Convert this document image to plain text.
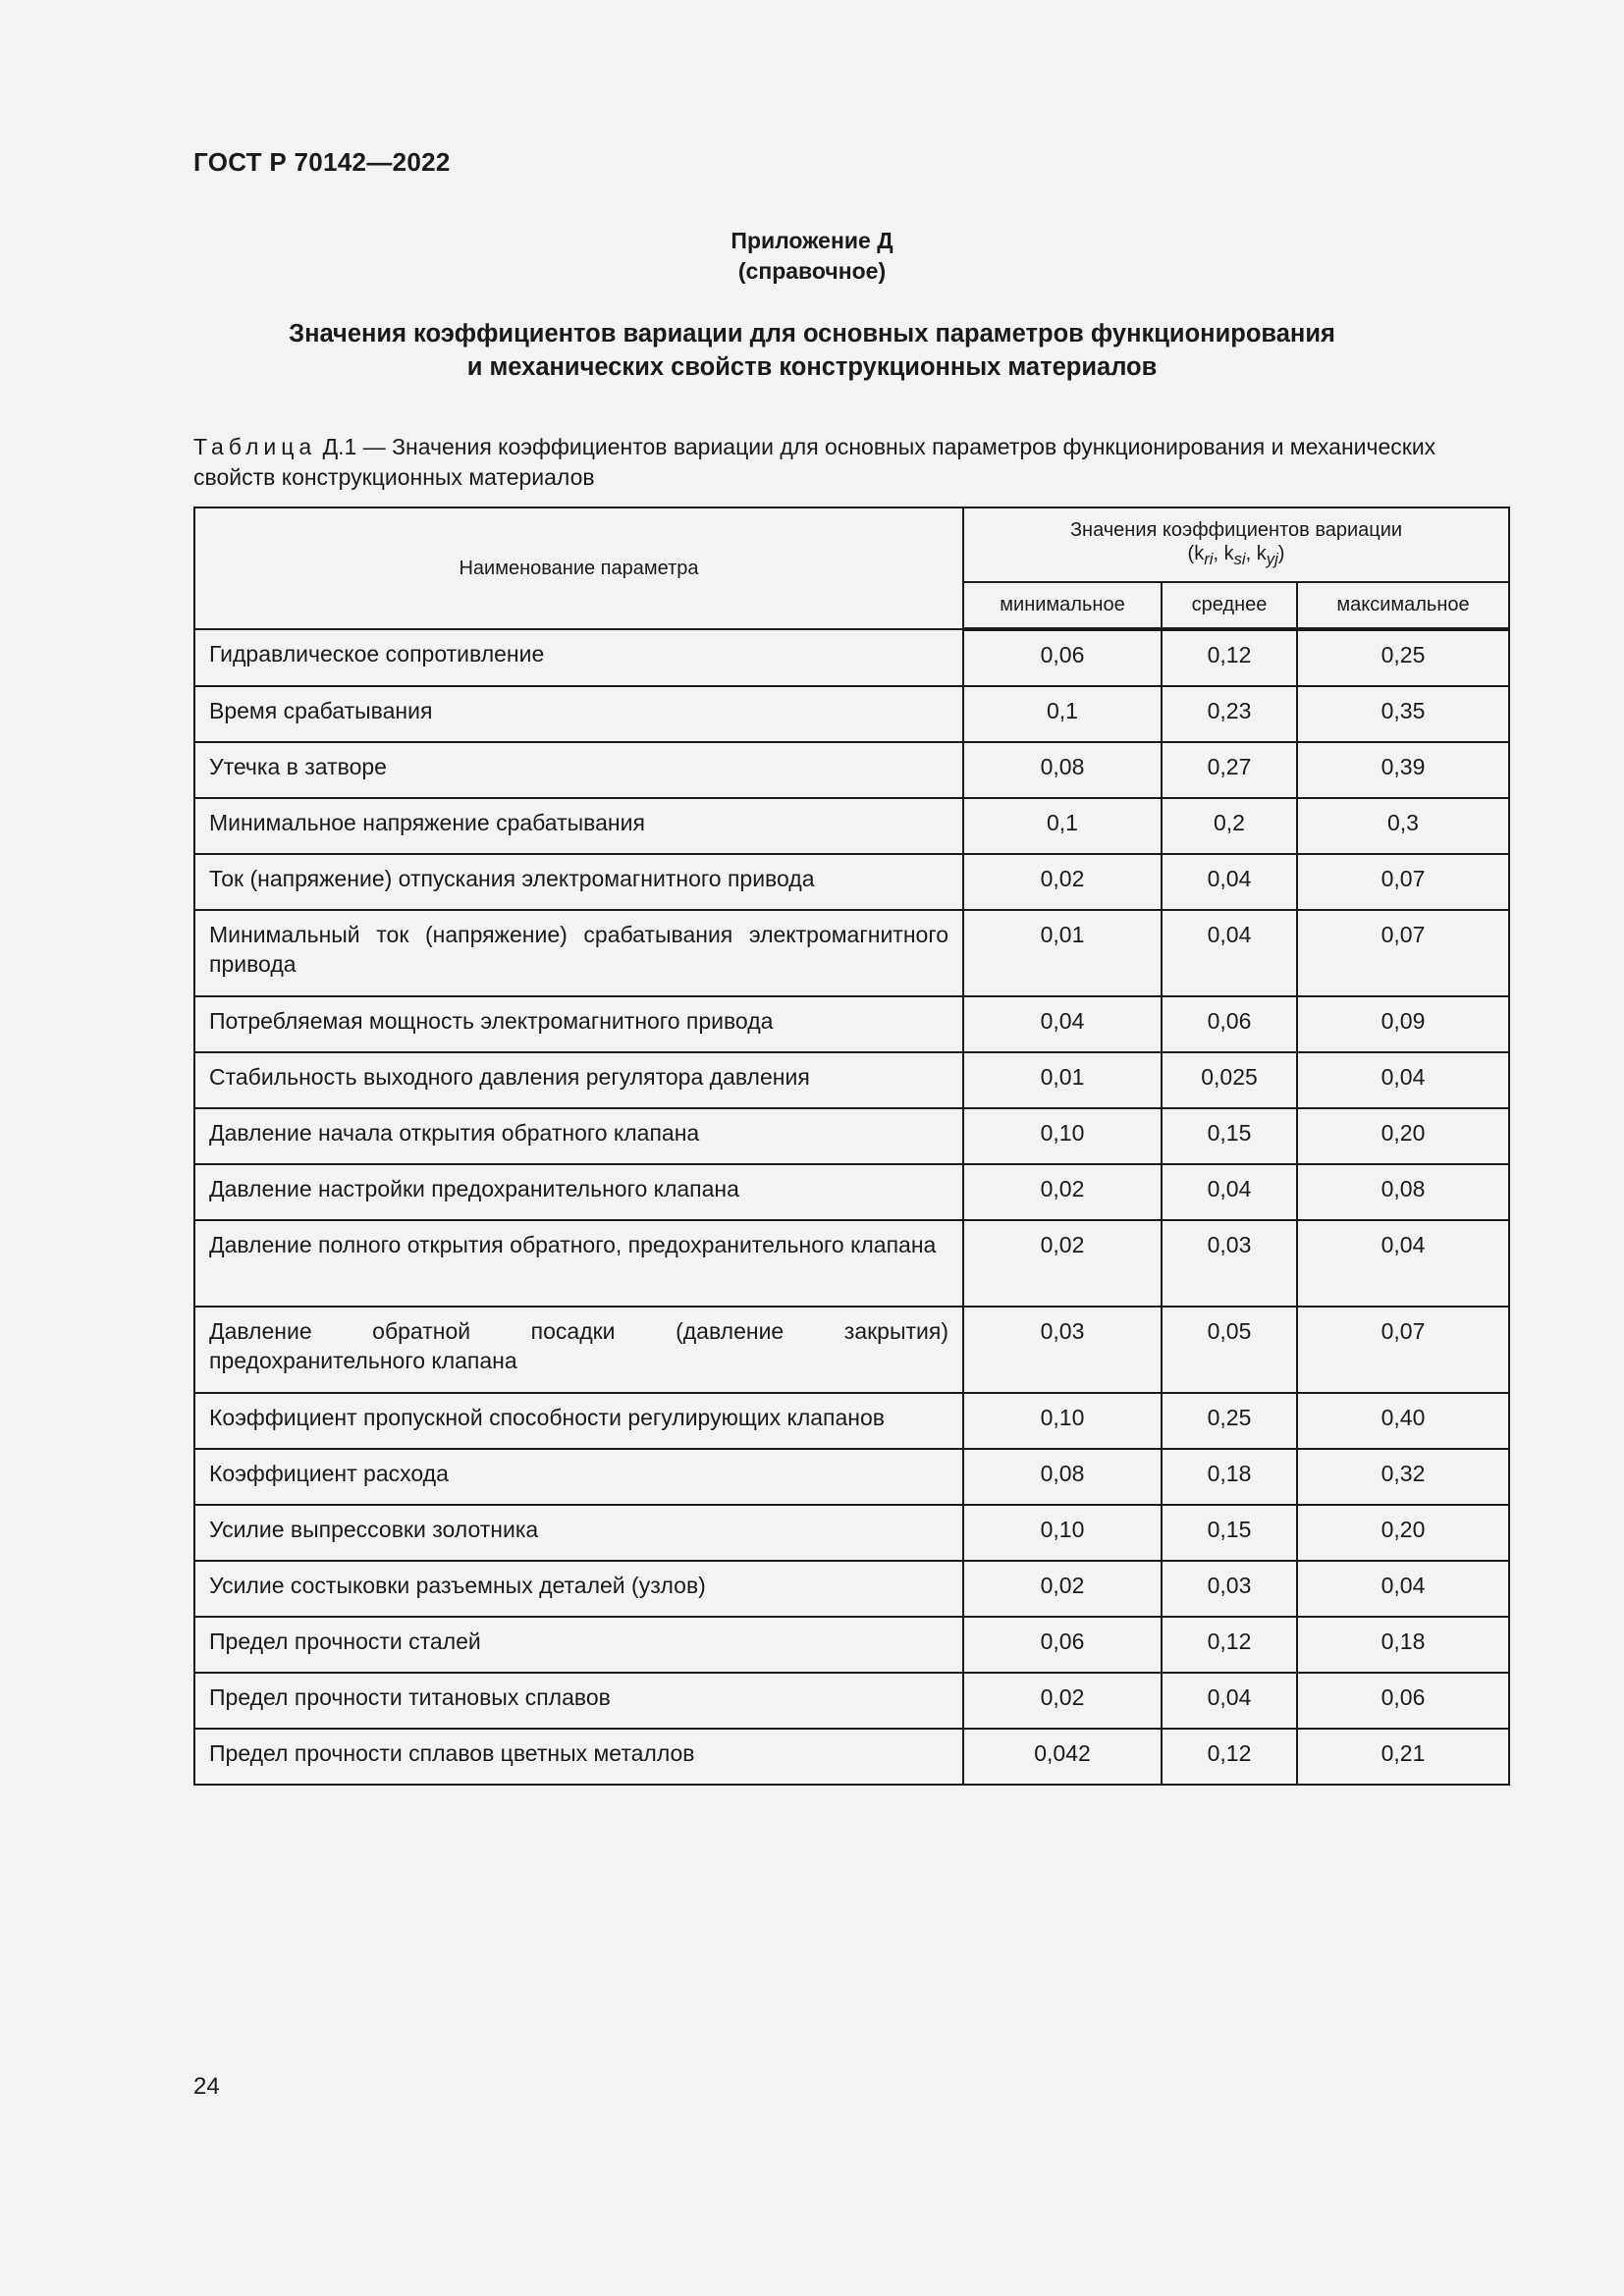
ГОСТ Р 70142—2022
Приложение Д
(справочное)
Значения коэффициентов вариации для основных параметров функционирования
и механических свойств конструкционных материалов
Таблица Д.1 — Значения коэффициентов вариации для основных параметров функционирования и механических свойств конструкционных материалов
Наименование параметра	Значения коэффициентов вариации
($k_{ri}$, $k_{si}$, $k_{yj}$)		

	минимальное	среднее	максимальное
Гидравлическое сопротивление	0,06	0,12	0,25
Время срабатывания	0,1	0,23	0,35
Утечка в затворе	0,08	0,27	0,39
Минимальное напряжение срабатывания	0,1	0,2	0,3
Ток (напряжение) отпускания электромагнитного привода	0,02	0,04	0,07
Минимальный ток (напряжение) срабатывания электромагнитного привода	0,01	0,04	0,07
Потребляемая мощность электромагнитного привода	0,04	0,06	0,09
Стабильность выходного давления регулятора давления	0,01	0,025	0,04
Давление начала открытия обратного клапана	0,10	0,15	0,20
Давление настройки предохранительного клапана	0,02	0,04	0,08
Давление полного открытия обратного, предохранительного клапана	0,02	0,03	0,04
Давление обратной посадки (давление закрытия) предохранительного клапана	0,03	0,05	0,07
Коэффициент пропускной способности регулирующих клапанов	0,10	0,25	0,40
Коэффициент расхода	0,08	0,18	0,32
Усилие выпрессовки золотника	0,10	0,15	0,20
Усилие состыковки разъемных деталей (узлов)	0,02	0,03	0,04
Предел прочности сталей	0,06	0,12	0,18
Предел прочности титановых сплавов	0,02	0,04	0,06
Предел прочности сплавов цветных металлов	0,042	0,12	0,21
24
